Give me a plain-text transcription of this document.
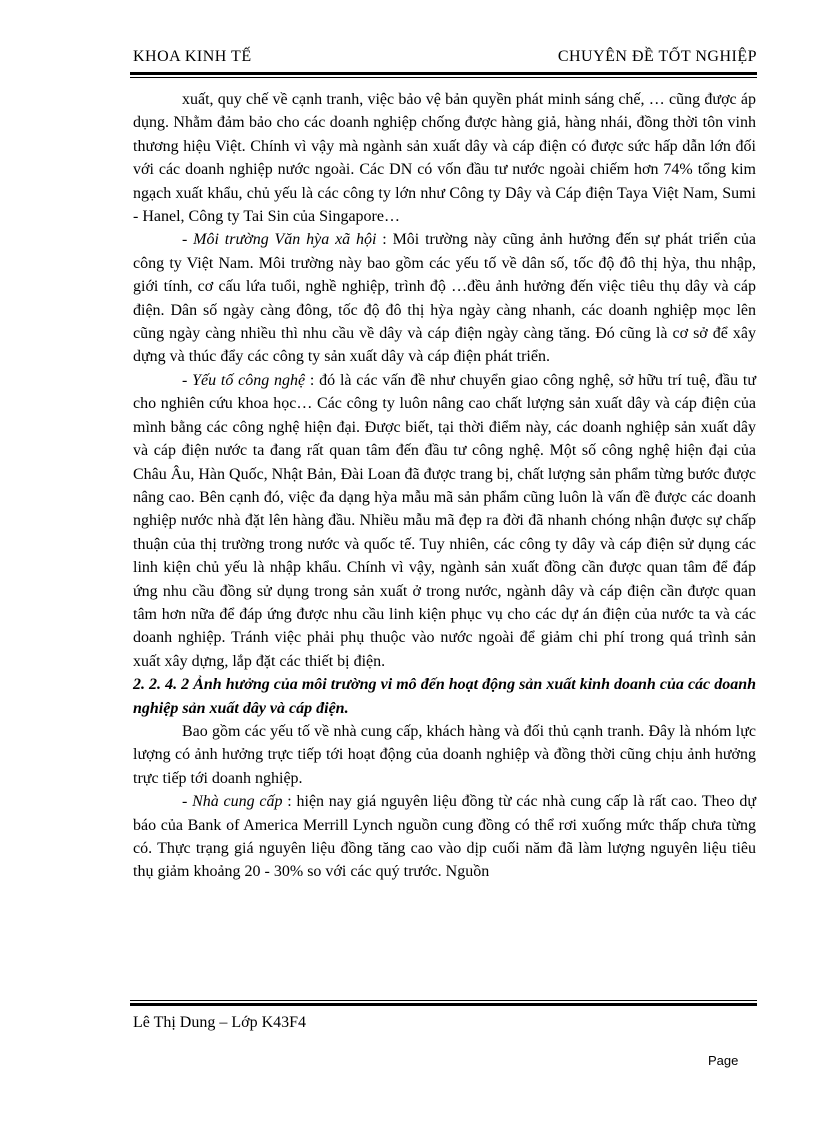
KHOA KINH TẾ	CHUYÊN ĐỀ TỐT NGHIỆP

xuất, quy chế về cạnh tranh, việc bảo vệ bản quyền phát minh sáng chế, … cũng được áp dụng. Nhằm đảm bảo cho các doanh nghiệp chống được hàng giả, hàng nhái, đồng thời tôn vinh thương hiệu Việt. Chính vì vậy mà ngành sản xuất dây và cáp điện có được sức hấp dẫn lớn đối với các doanh nghiệp nước ngoài. Các DN có vốn đầu tư nước ngoài chiếm hơn 74% tổng kim ngạch xuất khẩu, chủ yếu là các công ty lớn như Công ty Dây và Cáp điện Taya Việt Nam, Sumi - Hanel, Công ty Tai Sin của Singapore…

- Môi trường Văn hỳa xã hội : Môi trường này cũng ảnh hưởng đến sự phát triển của công ty Việt Nam. Môi trường này bao gồm các yếu tố về dân số, tốc độ đô thị hỳa, thu nhập, giới tính, cơ cấu lứa tuổi, nghề nghiệp, trình độ …đều ảnh hưởng đến việc tiêu thụ dây và cáp điện. Dân số ngày càng đông, tốc độ đô thị hỳa ngày càng nhanh, các doanh nghiệp mọc lên cũng ngày càng nhiều thì nhu cầu về dây và cáp điện ngày càng tăng. Đó cũng là cơ sở để xây dựng và thúc đẩy các công ty sản xuất dây và cáp điện phát triển.

- Yếu tố công nghệ : đó là các vấn đề như chuyển giao công nghệ, sở hữu trí tuệ, đầu tư cho nghiên cứu khoa học… Các công ty luôn nâng cao chất lượng sản xuất dây và cáp điện của mình bằng các công nghệ hiện đại. Được biết, tại thời điểm này, các doanh nghiệp sản xuất dây và cáp điện nước ta đang rất quan tâm đến đầu tư công nghệ. Một số công nghệ hiện đại của Châu Âu, Hàn Quốc, Nhật Bản, Đài Loan đã được trang bị, chất lượng sản phẩm từng bước được nâng cao. Bên cạnh đó, việc đa dạng hỳa mẫu mã sản phẩm cũng luôn là vấn đề được các doanh nghiệp nước nhà đặt lên hàng đầu. Nhiều mẫu mã đẹp ra đời đã nhanh chóng nhận được sự chấp thuận của thị trường trong nước và quốc tế. Tuy nhiên, các công ty dây và cáp điện sử dụng các linh kiện chủ yếu là nhập khẩu. Chính vì vậy, ngành sản xuất đồng cần được quan tâm để đáp ứng nhu cầu đồng sử dụng trong sản xuất ở trong nước, ngành dây và cáp điện cần được quan tâm hơn nữa để đáp ứng được nhu cầu linh kiện phục vụ cho các dự án điện của nước ta và các doanh nghiệp. Tránh việc phải phụ thuộc vào nước ngoài để giảm chi phí trong quá trình sản xuất xây dựng, lắp đặt các thiết bị điện.

2. 2. 4. 2 Ảnh hưởng của môi trường vi mô đến hoạt động sản xuất kinh doanh của các doanh nghiệp sản xuất dây và cáp điện.

Bao gồm các yếu tố về nhà cung cấp, khách hàng và đối thủ cạnh tranh. Đây là nhóm lực lượng có ảnh hưởng trực tiếp tới hoạt động của doanh nghiệp và đồng thời cũng chịu ảnh hưởng trực tiếp tới doanh nghiệp.

- Nhà cung cấp : hiện nay giá nguyên liệu đồng từ các nhà cung cấp là rất cao. Theo dự báo của Bank of America Merrill Lynch nguồn cung đồng có thể rơi xuống mức thấp chưa từng có. Thực trạng giá nguyên liệu đồng tăng cao vào dịp cuối năm đã làm lượng nguyên liệu tiêu thụ giảm khoảng 20 - 30% so với các quý trước. Nguồn

Lê Thị Dung – Lớp K43F4
Page
